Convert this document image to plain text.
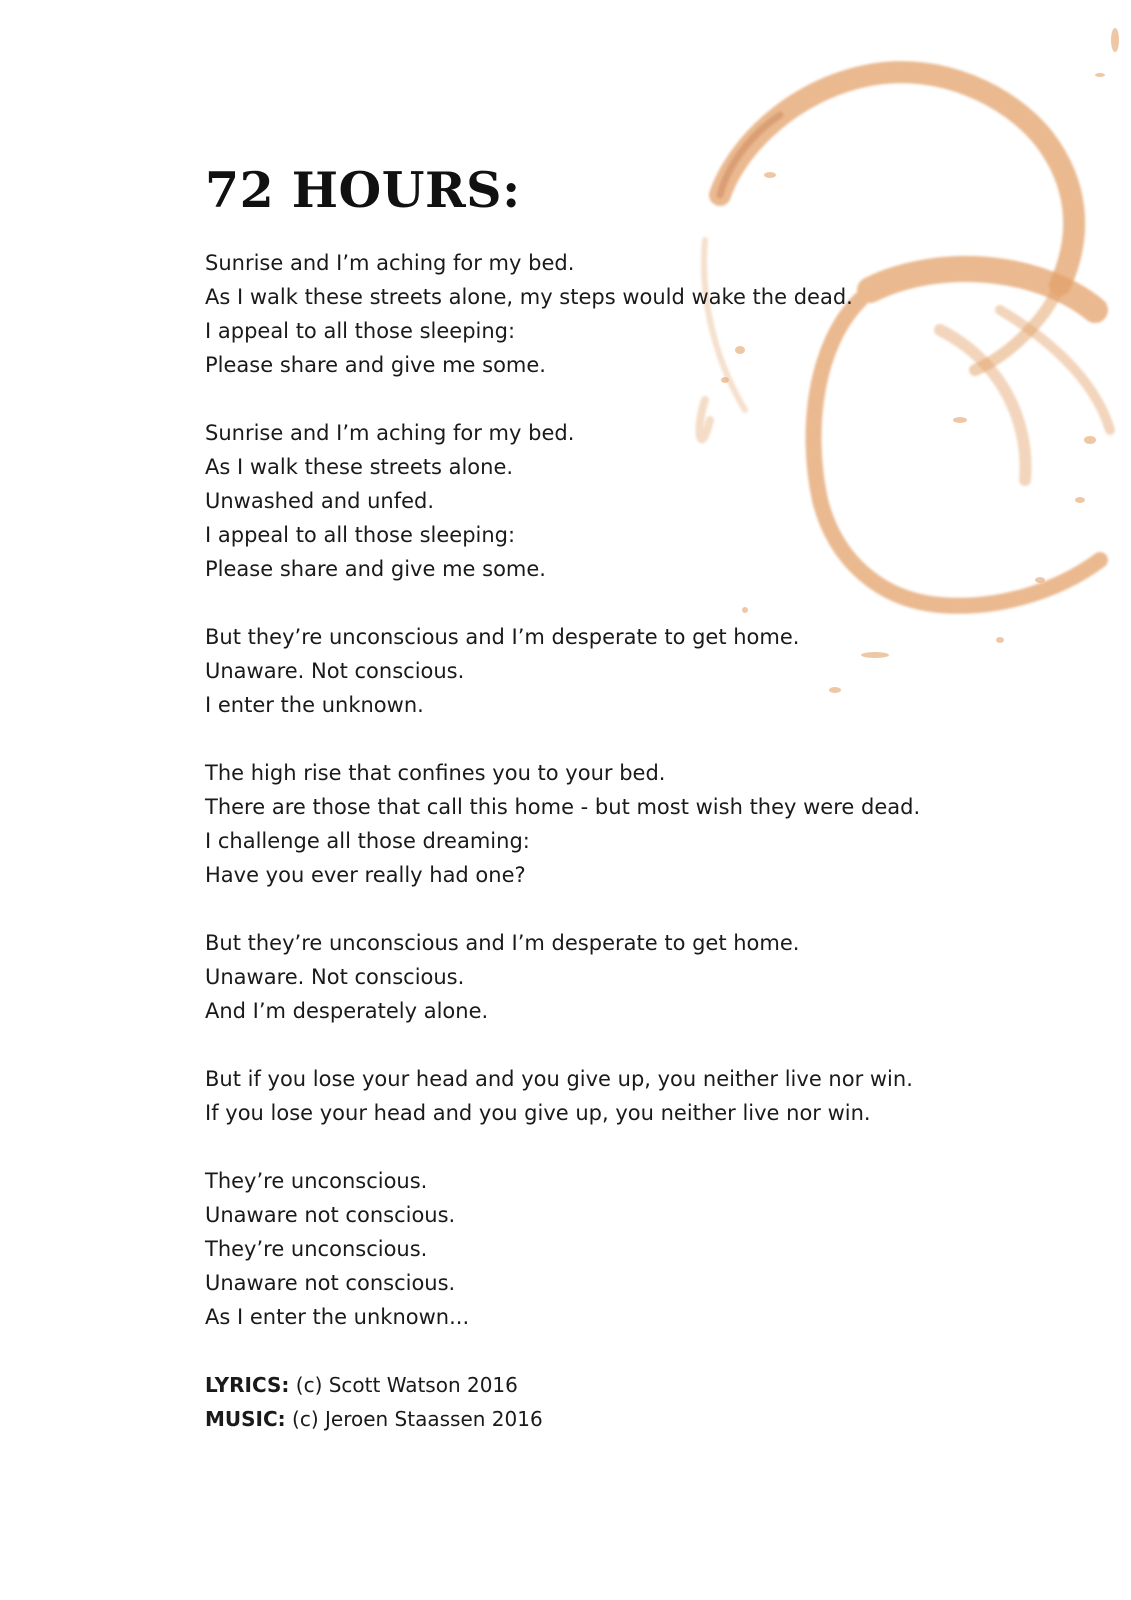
72 HOURS:
Sunrise and I’m aching for my bed.
As I walk these streets alone, my steps would wake the dead.
I appeal to all those sleeping:
Please share and give me some.
Sunrise and I’m aching for my bed.
As I walk these streets alone.
Unwashed and unfed.
I appeal to all those sleeping:
Please share and give me some.
But they’re unconscious and I’m desperate to get home.
Unaware. Not conscious.
I enter the unknown.
The high rise that confines you to your bed.
There are those that call this home - but most wish they were dead.
I challenge all those dreaming:
Have you ever really had one?
But they’re unconscious and I’m desperate to get home.
Unaware. Not conscious.
And I’m desperately alone.
But if you lose your head and you give up, you neither live nor win.
If you lose your head and you give up, you neither live nor win.
They’re unconscious.
Unaware not conscious.
They’re unconscious.
Unaware not conscious.
As I enter the unknown...
LYRICS: (c) Scott Watson 2016
MUSIC: (c) Jeroen Staassen 2016
